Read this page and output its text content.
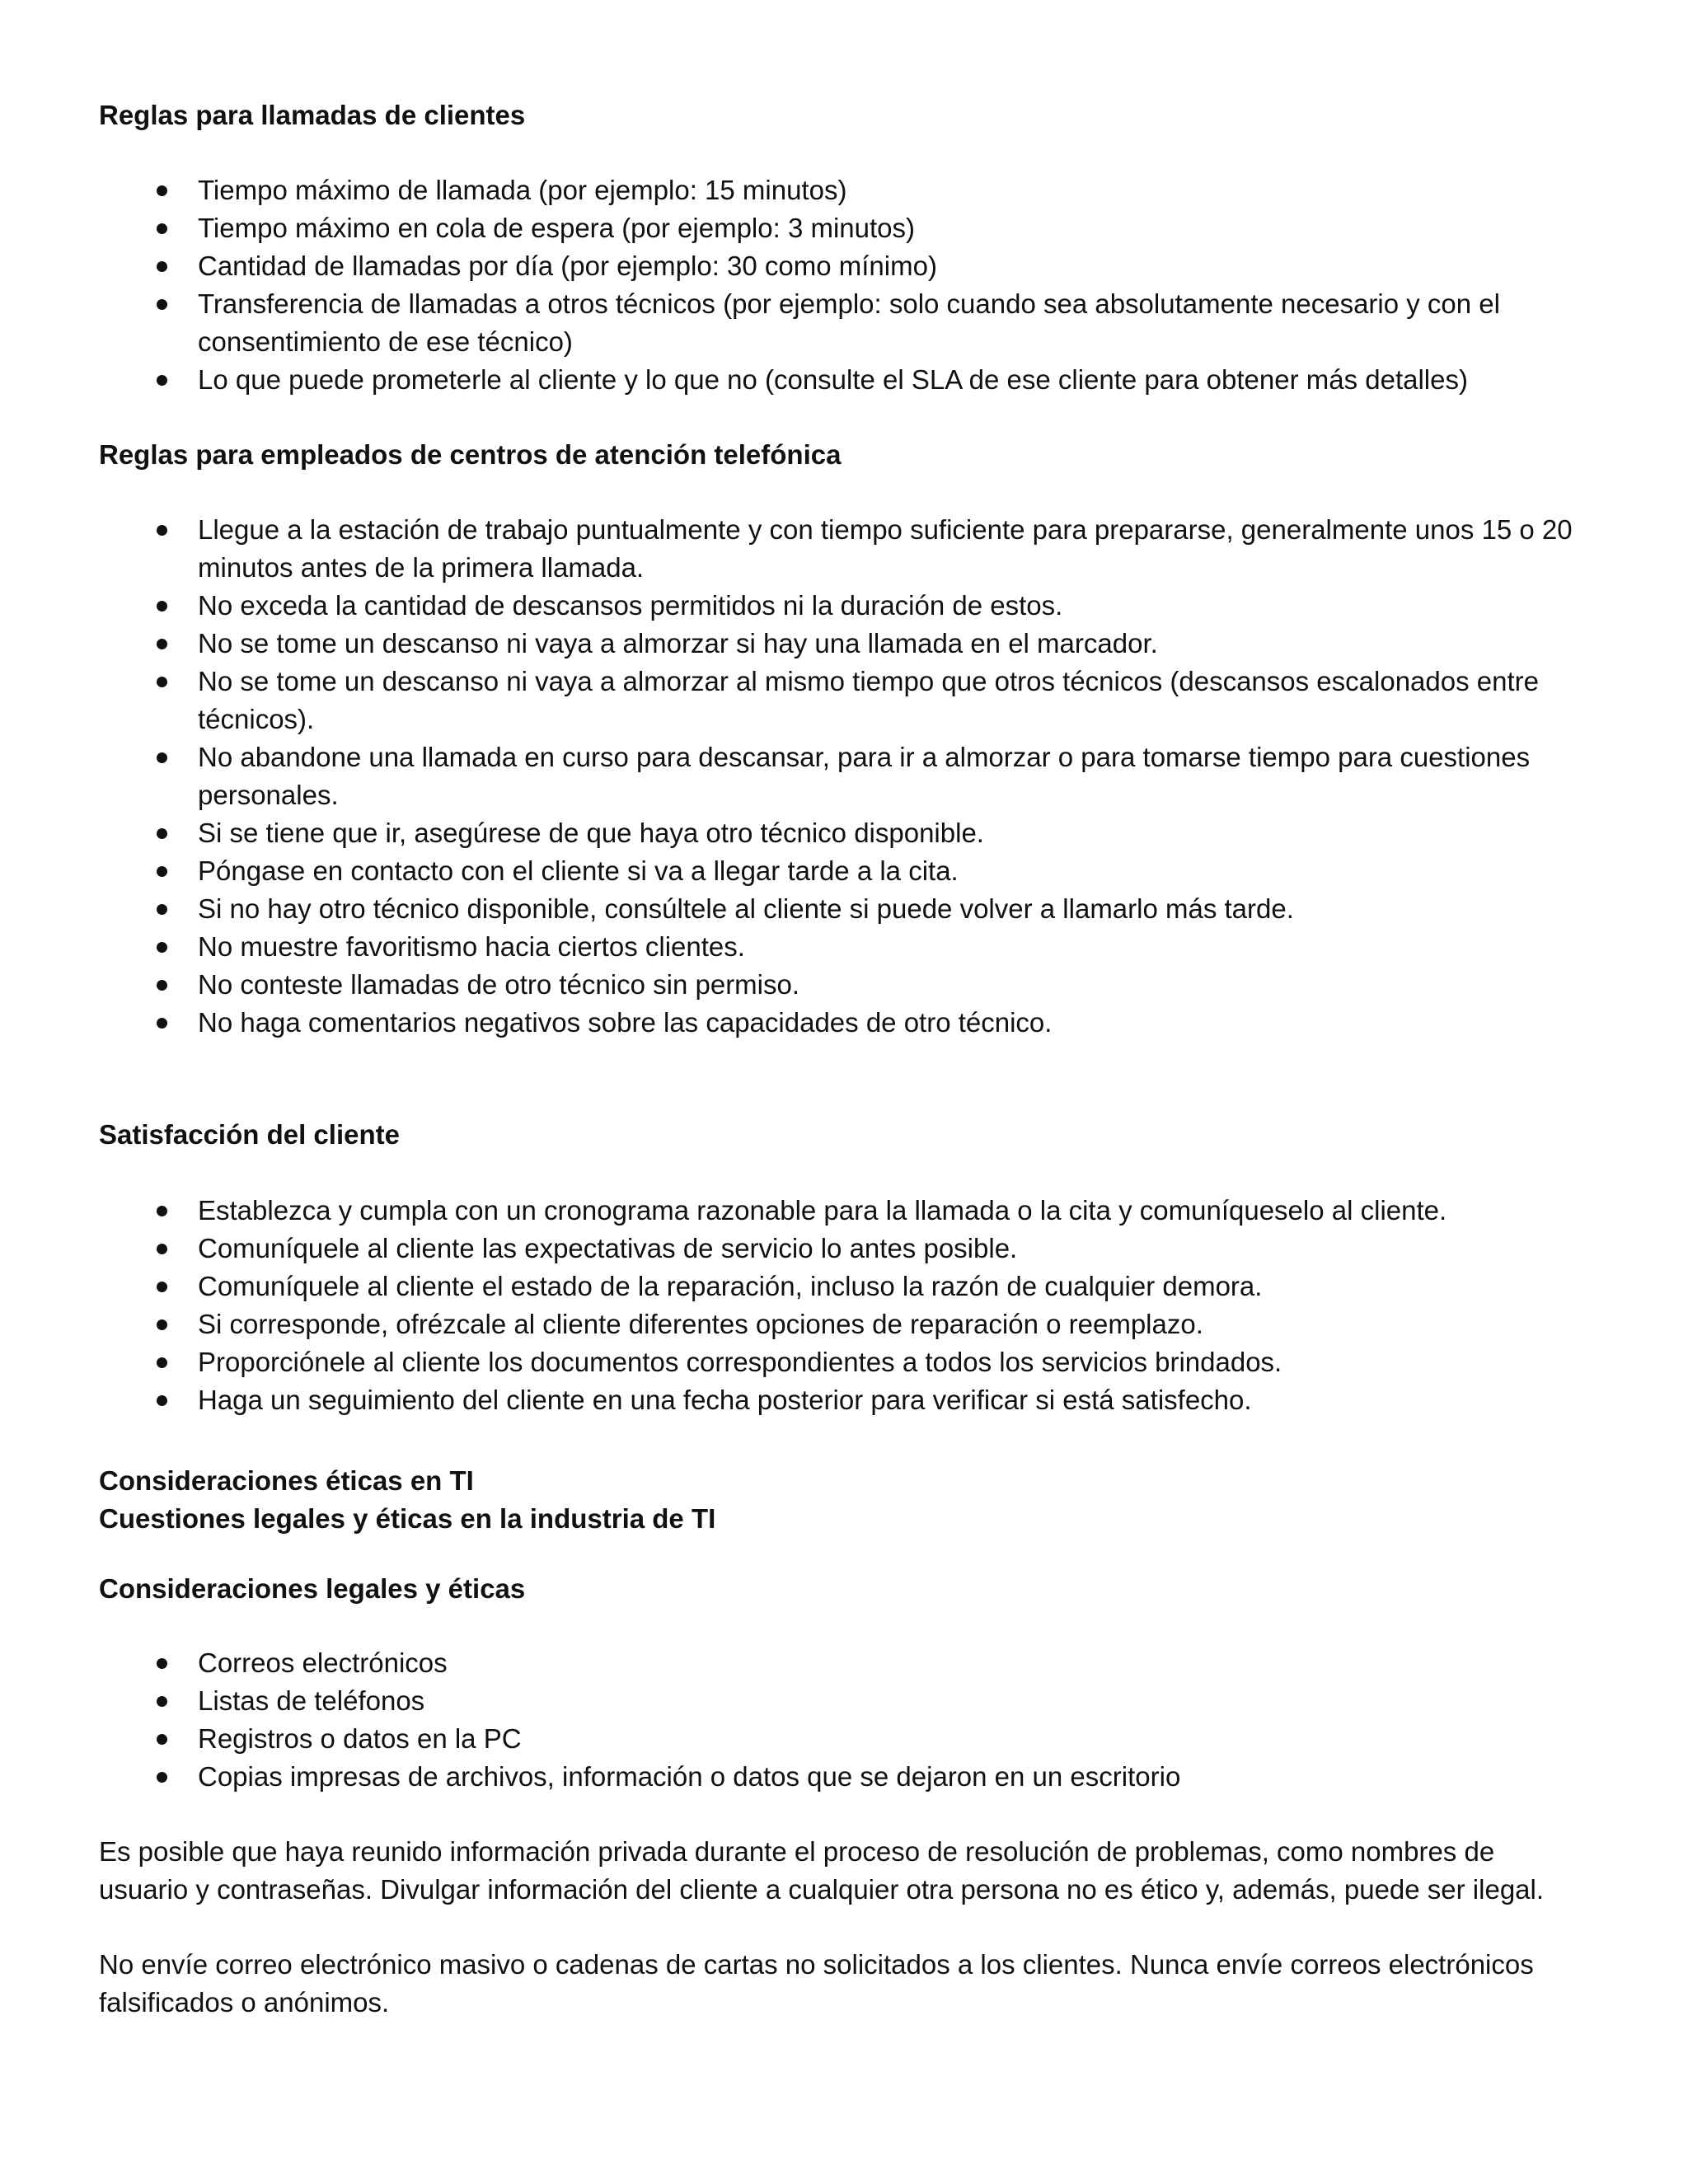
Reglas para llamadas de clientes
Tiempo máximo de llamada (por ejemplo: 15 minutos)
Tiempo máximo en cola de espera (por ejemplo: 3 minutos)
Cantidad de llamadas por día (por ejemplo: 30 como mínimo)
Transferencia de llamadas a otros técnicos (por ejemplo: solo cuando sea absolutamente necesario y con el consentimiento de ese técnico)
Lo que puede prometerle al cliente y lo que no (consulte el SLA de ese cliente para obtener más detalles)
Reglas para empleados de centros de atención telefónica
Llegue a la estación de trabajo puntualmente y con tiempo suficiente para prepararse, generalmente unos 15 o 20 minutos antes de la primera llamada.
No exceda la cantidad de descansos permitidos ni la duración de estos.
No se tome un descanso ni vaya a almorzar si hay una llamada en el marcador.
No se tome un descanso ni vaya a almorzar al mismo tiempo que otros técnicos (descansos escalonados entre técnicos).
No abandone una llamada en curso para descansar, para ir a almorzar o para tomarse tiempo para cuestiones personales.
Si se tiene que ir, asegúrese de que haya otro técnico disponible.
Póngase en contacto con el cliente si va a llegar tarde a la cita.
Si no hay otro técnico disponible, consúltele al cliente si puede volver a llamarlo más tarde.
No muestre favoritismo hacia ciertos clientes.
No conteste llamadas de otro técnico sin permiso.
No haga comentarios negativos sobre las capacidades de otro técnico.
Satisfacción del cliente
Establezca y cumpla con un cronograma razonable para la llamada o la cita y comuníqueselo al cliente.
Comuníquele al cliente las expectativas de servicio lo antes posible.
Comuníquele al cliente el estado de la reparación, incluso la razón de cualquier demora.
Si corresponde, ofrézcale al cliente diferentes opciones de reparación o reemplazo.
Proporciónele al cliente los documentos correspondientes a todos los servicios brindados.
Haga un seguimiento del cliente en una fecha posterior para verificar si está satisfecho.
Consideraciones éticas en TI
Cuestiones legales y éticas en la industria de TI
Consideraciones legales y éticas
Correos electrónicos
Listas de teléfonos
Registros o datos en la PC
Copias impresas de archivos, información o datos que se dejaron en un escritorio

Es posible que haya reunido información privada durante el proceso de resolución de problemas, como nombres de usuario y contraseñas. Divulgar información del cliente a cualquier otra persona no es ético y, además, puede ser ilegal.

No envíe correo electrónico masivo o cadenas de cartas no solicitados a los clientes. Nunca envíe correos electrónicos falsificados o anónimos.
